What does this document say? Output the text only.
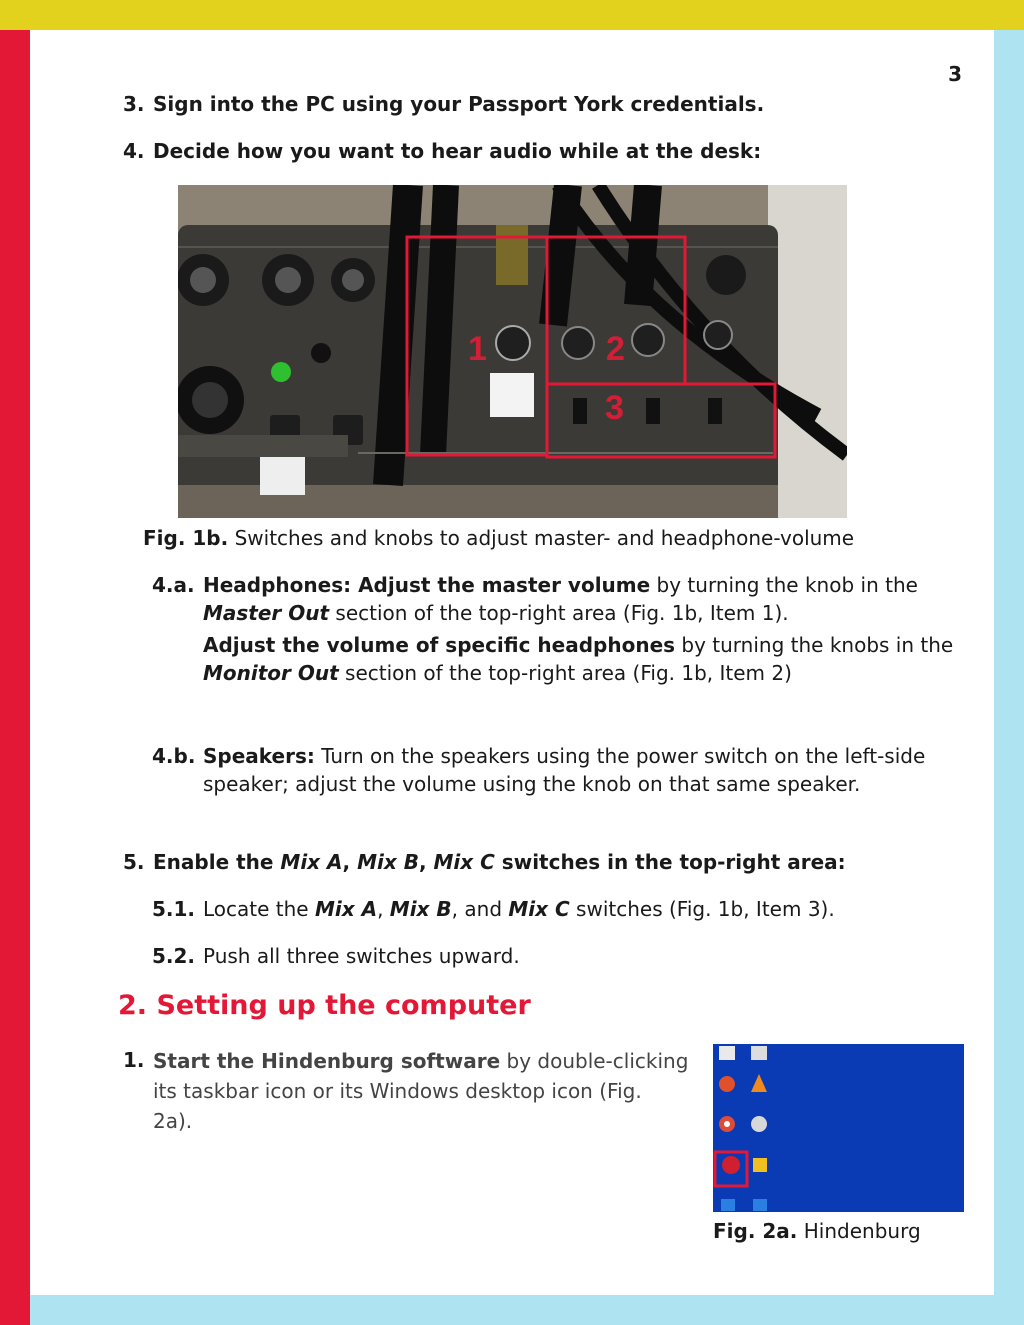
3
3. Sign into the PC using your Passport York credentials.
4. Decide how you want to hear audio while at the desk:
1	2
3
Fig. 1b. Switches and knobs to adjust master- and headphone-volume
4.a. Headphones: Adjust the master volume by turning the knob in the
Master Out section of the top-right area (Fig. 1b, Item 1).
Adjust the volume of specific headphones by turning the knobs in the
Monitor Out section of the top-right area (Fig. 1b, Item 2)
4.b. Speakers: Turn on the speakers using the power switch on the left-side
speaker; adjust the volume using the knob on that same speaker.
5. Enable the Mix A, Mix B, Mix C switches in the top-right area:
5.1. Locate the Mix A, Mix B, and Mix C switches (Fig. 1b, Item 3).
5.2. Push all three switches upward.
2. Setting up the computer
1. Start the Hindenburg software by double-clicking
its taskbar icon or its Windows desktop icon (Fig.
2a).
Fig. 2a. Hindenburg
